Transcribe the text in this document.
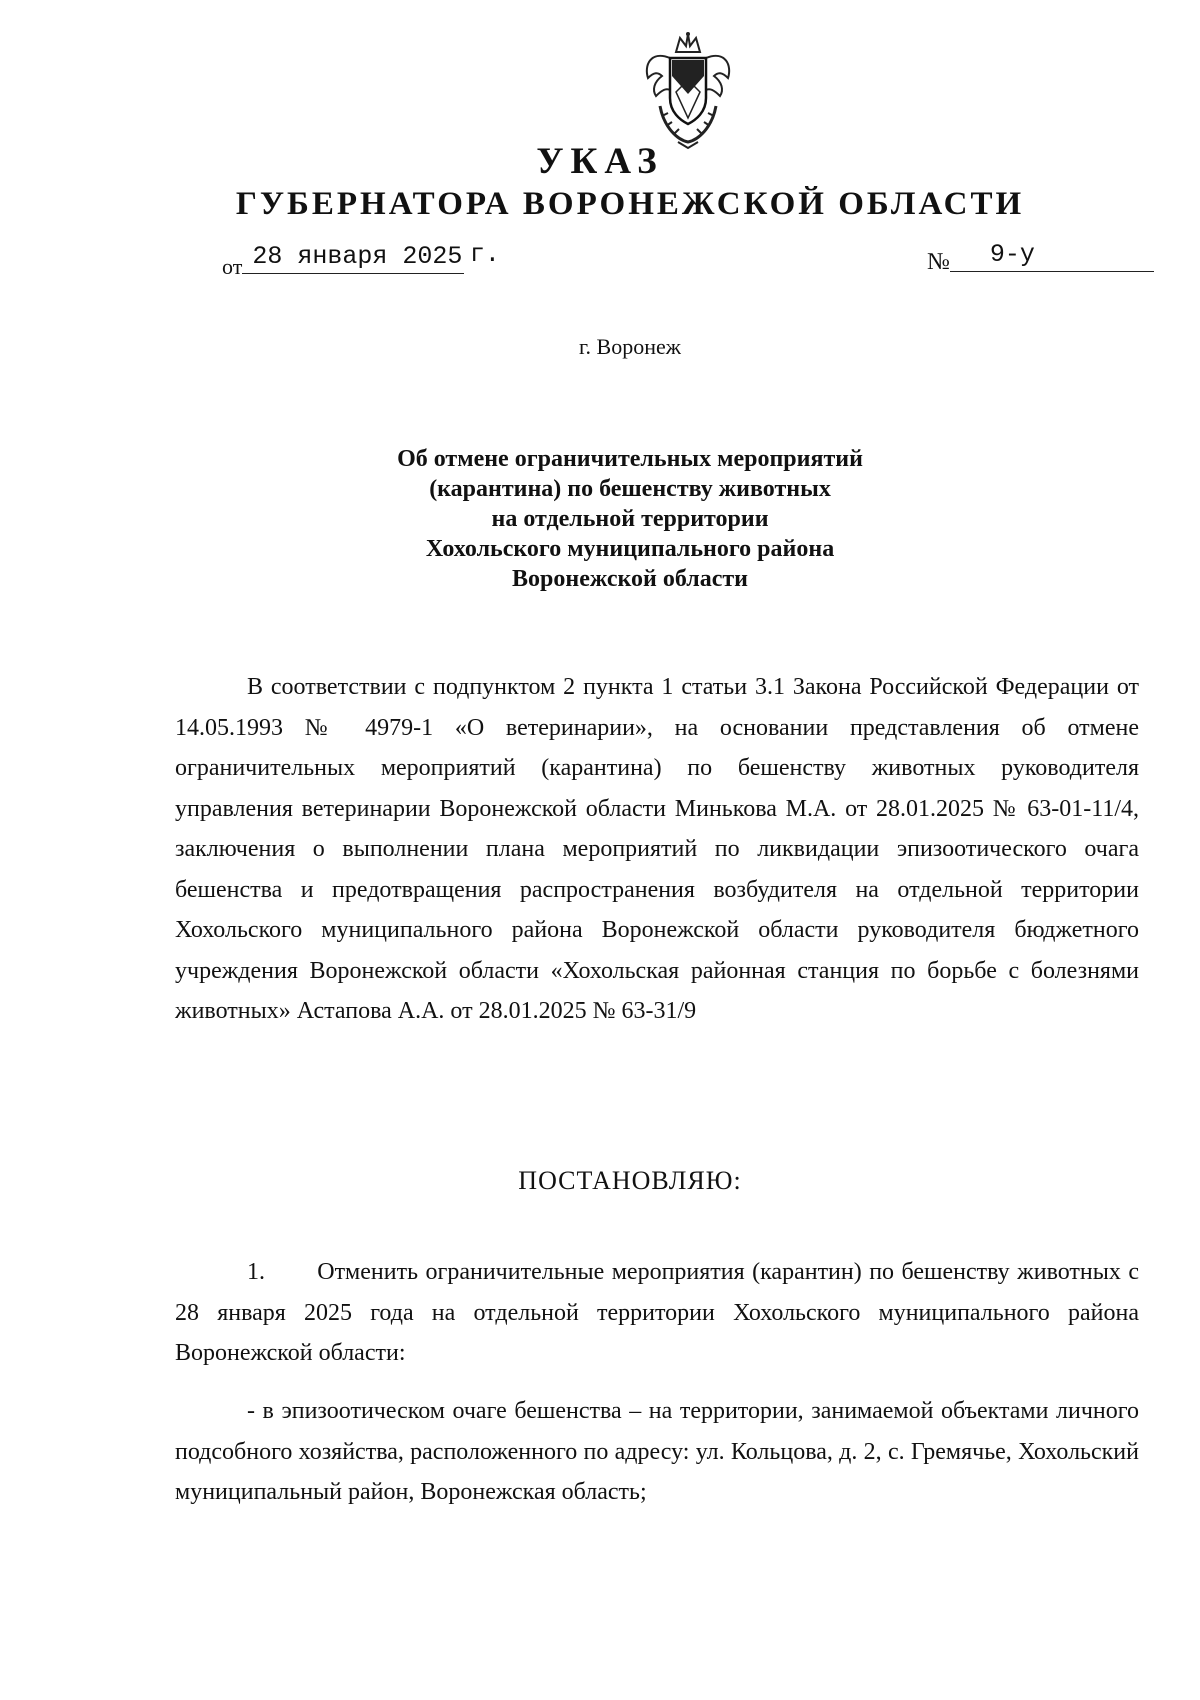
УКАЗ
ГУБЕРНАТОРА ВОРОНЕЖСКОЙ ОБЛАСТИ
от 28 января 2025 г.	№ 9-у
г. Воронеж
Об отмене ограничительных мероприятий
(карантина) по бешенству животных
на отдельной территории
Хохольского муниципального района
Воронежской области

В соответствии с подпунктом 2 пункта 1 статьи 3.1 Закона Российской Федерации от 14.05.1993 № 4979-1 «О ветеринарии», на основании представления об отмене ограничительных мероприятий (карантина) по бешенству животных руководителя управления ветеринарии Воронежской области Минькова М.А. от 28.01.2025 № 63-01-11/4, заключения о выполнении плана мероприятий по ликвидации эпизоотического очага бешенства и предотвращения распространения возбудителя на отдельной территории Хохольского муниципального района Воронежской области руководителя бюджетного учреждения Воронежской области «Хохольская районная станция по борьбе с болезнями животных» Астапова А.А. от 28.01.2025 № 63-31/9

ПОСТАНОВЛЯЮ:

1.       Отменить ограничительные мероприятия (карантин) по бешенству животных с 28 января 2025 года на отдельной территории Хохольского муниципального района Воронежской области:

- в эпизоотическом очаге бешенства – на территории, занимаемой объектами личного подсобного хозяйства, расположенного по адресу: ул. Кольцова, д. 2, с. Гремячье, Хохольский муниципальный район, Воронежская область;
